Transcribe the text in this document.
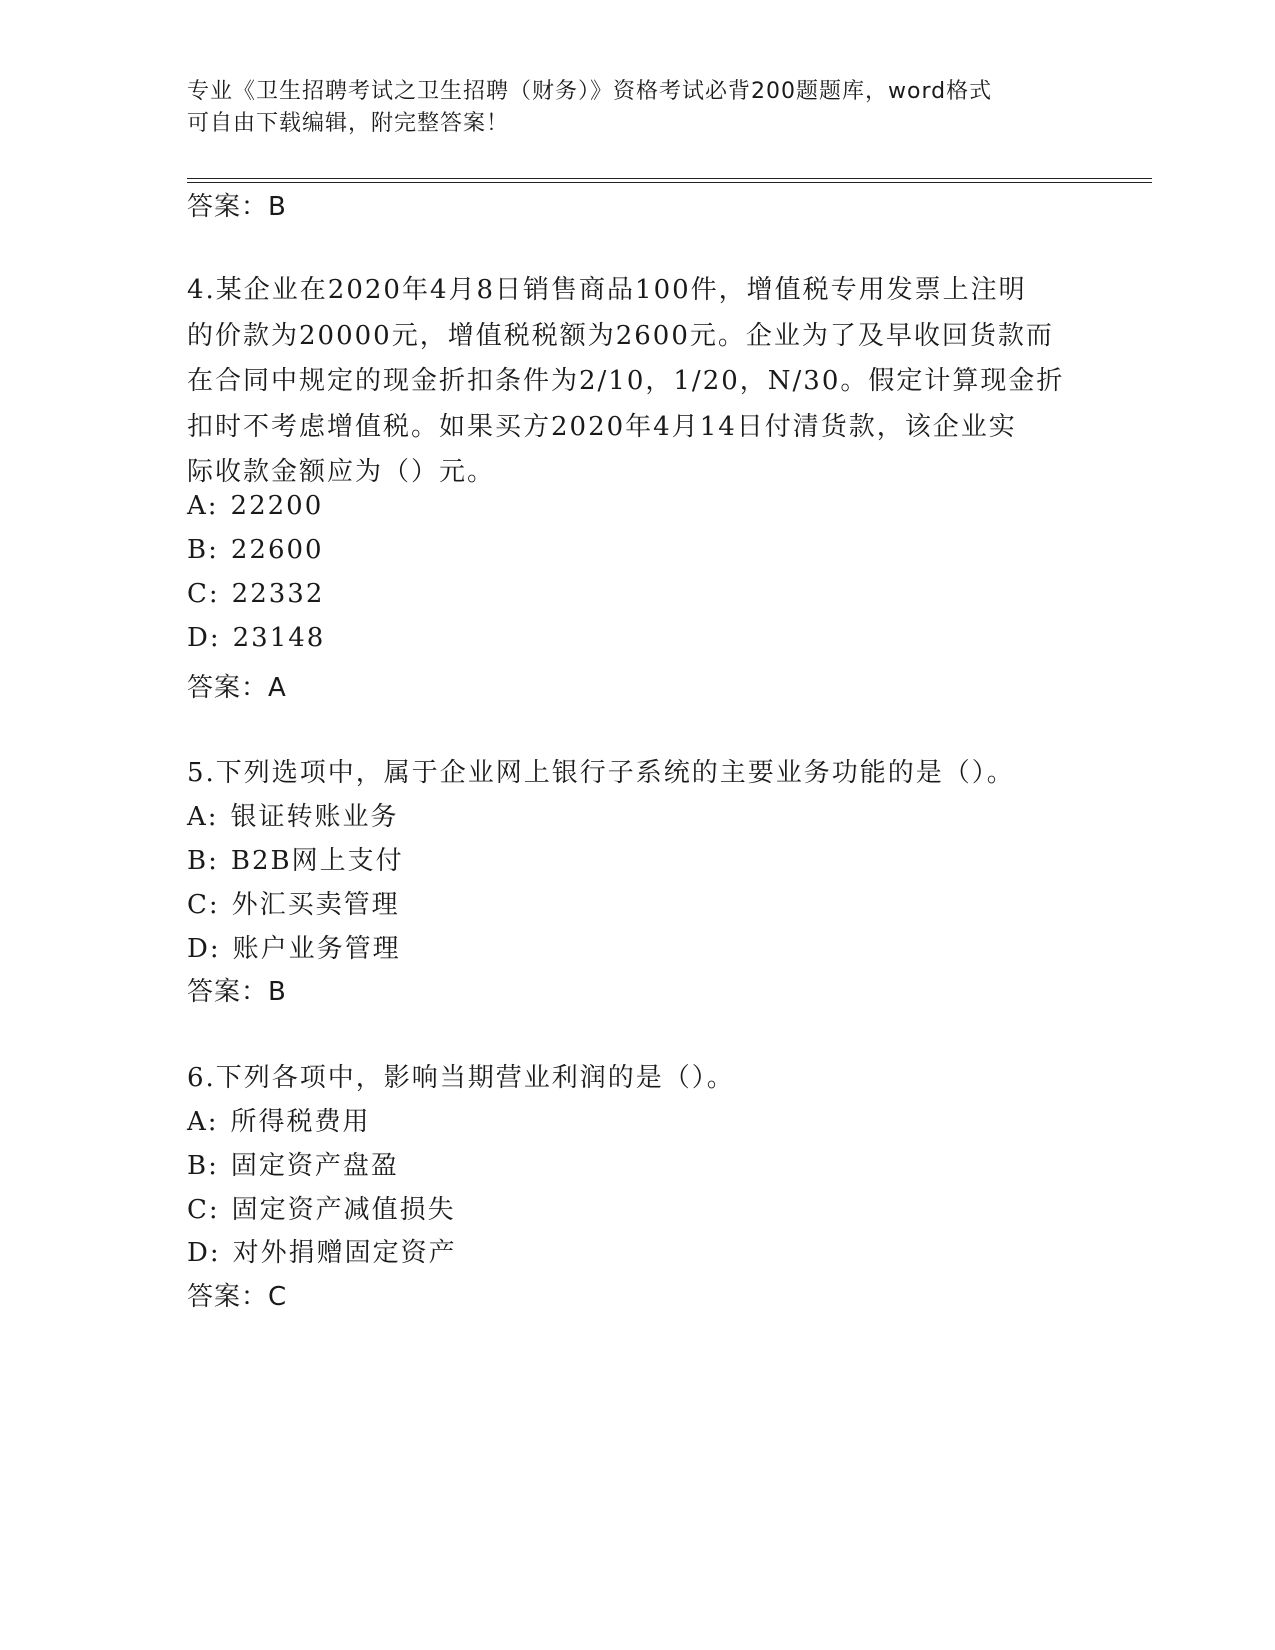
专业《卫生招聘考试之卫生招聘（财务）》资格考试必背200题题库，word格式
可自由下载编辑，附完整答案！
答案：B
4.某企业在2020年4月8日销售商品100件，增值税专用发票上注明
的价款为20000元，增值税税额为2600元。企业为了及早收回货款而
在合同中规定的现金折扣条件为2/10，1/20，N/30。假定计算现金折
扣时不考虑增值税。如果买方2020年4月14日付清货款，该企业实
际收款金额应为（）元。
A: 22200
B: 22600
C: 22332
D: 23148
答案：A
5.下列选项中，属于企业网上银行子系统的主要业务功能的是（）。
A: 银证转账业务
B: B2B网上支付
C: 外汇买卖管理
D: 账户业务管理
答案：B
6.下列各项中，影响当期营业利润的是（）。
A: 所得税费用
B: 固定资产盘盈
C: 固定资产减值损失
D: 对外捐赠固定资产
答案：C
